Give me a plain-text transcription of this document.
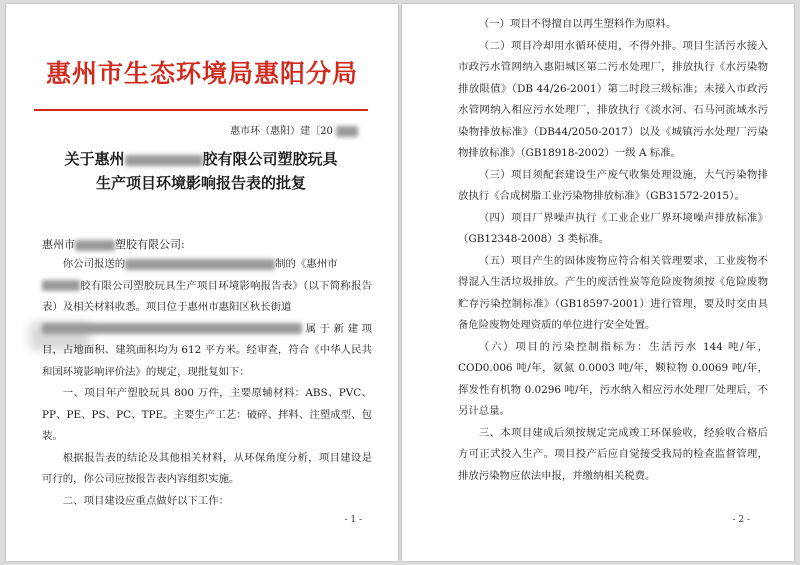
惠州市生态环境局惠阳分局
惠市环（惠阳）建〔20
关于惠州	胶有限公司塑胶玩具
生产项目环境影响报告表的批复
惠州市	塑胶有限公司:

你公司报送的	制的《惠州市

胶有限公司塑胶玩具生产项目环境影响报告表》（以下简称报告表）及相关材料收悉。项目位于惠州市惠阳区秋长街道

属于新建项目，占地面积、建筑面积均为 612 平方米。经审查，符合《中华人民共和国环境影响评价法》的规定，现批复如下：

一、项目年产塑胶玩具 800 万件，主要原辅材料：ABS、PVC、PP、PE、PS、PC、TPE。主要生产工艺：破碎、拌料、注塑成型、包装。

根据报告表的结论及其他相关材料，从环保角度分析，项目建设是可行的，你公司应按报告表内容组织实施。

二、项目建设应重点做好以下工作：

- 1 -

（一）项目不得擅自以再生塑料作为原料。

（二）项目冷却用水循环使用，不得外排。项目生活污水接入市政污水管网纳入惠阳城区第二污水处理厂，排放执行《水污染物排放限值》（DB 44/26-2001）第二时段三级标准；未接入市政污水管网纳入相应污水处理厂，排放执行《淡水河、石马河流域水污染物排放标准》（DB44/2050-2017）以及《城镇污水处理厂污染物排放标准》（GB18918-2002）一级 A 标准。

（三）项目须配套建设生产废气收集处理设施，大气污染物排放执行《合成树脂工业污染物排放标准》（GB31572-2015）。

（四）项目厂界噪声执行《工业企业厂界环境噪声排放标准》（GB12348-2008）3 类标准。

（五）项目产生的固体废物应符合相关管理要求，工业废物不得混入生活垃圾排放。产生的废活性炭等危险废物须按《危险废物贮存污染控制标准》（GB18597-2001）进行管理，要及时交由具备危险废物处理资质的单位进行安全处置。

（六）项目的污染控制指标为：生活污水 144 吨/年，COD0.006 吨/年，氨氮 0.0003 吨/年，颗粒物 0.0069 吨/年，挥发性有机物 0.0296 吨/年，污水纳入相应污水处理厂处理后，不另计总量。

三、本项目建成后须按规定完成竣工环保验收，经验收合格后方可正式投入生产。项目投产后应自觉接受我局的检查监督管理，排放污染物应依法申报，并缴纳相关税费。

- 2 -
